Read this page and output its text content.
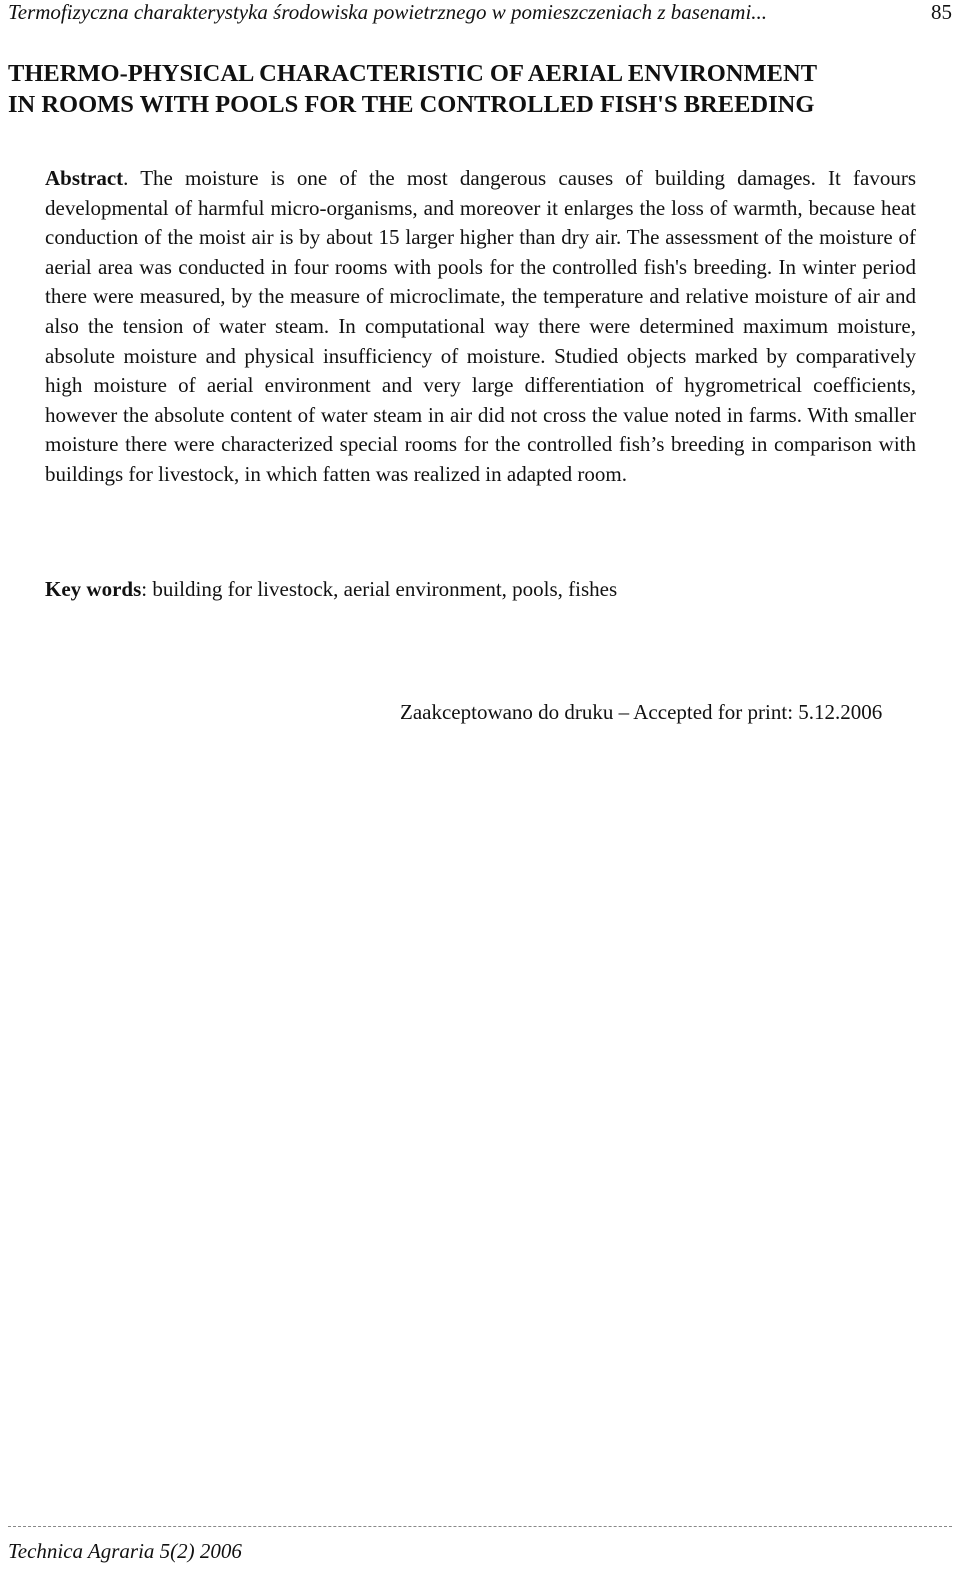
Termofizyczna charakterystyka środowiska powietrznego w pomieszczeniach z basenami...	85
THERMO-PHYSICAL CHARACTERISTIC OF AERIAL ENVIRONMENT
IN ROOMS WITH POOLS FOR THE CONTROLLED FISH'S BREEDING

Abstract. The moisture is one of the most dangerous causes of building damages. It favours developmental of harmful micro-organisms, and moreover it enlarges the loss of warmth, because heat conduction of the moist air is by about 15 larger higher than dry air. The assessment of the moisture of aerial area was conducted in four rooms with pools for the controlled fish's breeding. In winter period there were measured, by the measure of microclimate, the temperature and relative moisture of air and also the tension of water steam. In computational way there were determined maximum moisture, absolute moisture and physical insufficiency of moisture. Studied objects marked by comparatively high moisture of aerial environment and very large differentiation of hygrometrical coefficients, however the absolute content of water steam in air did not cross the value noted in farms. With smaller moisture there were characterized special rooms for the controlled fish’s breeding in comparison with buildings for livestock, in which fatten was realized in adapted room.

Key words: building for livestock, aerial environment, pools, fishes

Zaakceptowano do druku – Accepted for print: 5.12.2006
Technica Agraria 5(2) 2006
